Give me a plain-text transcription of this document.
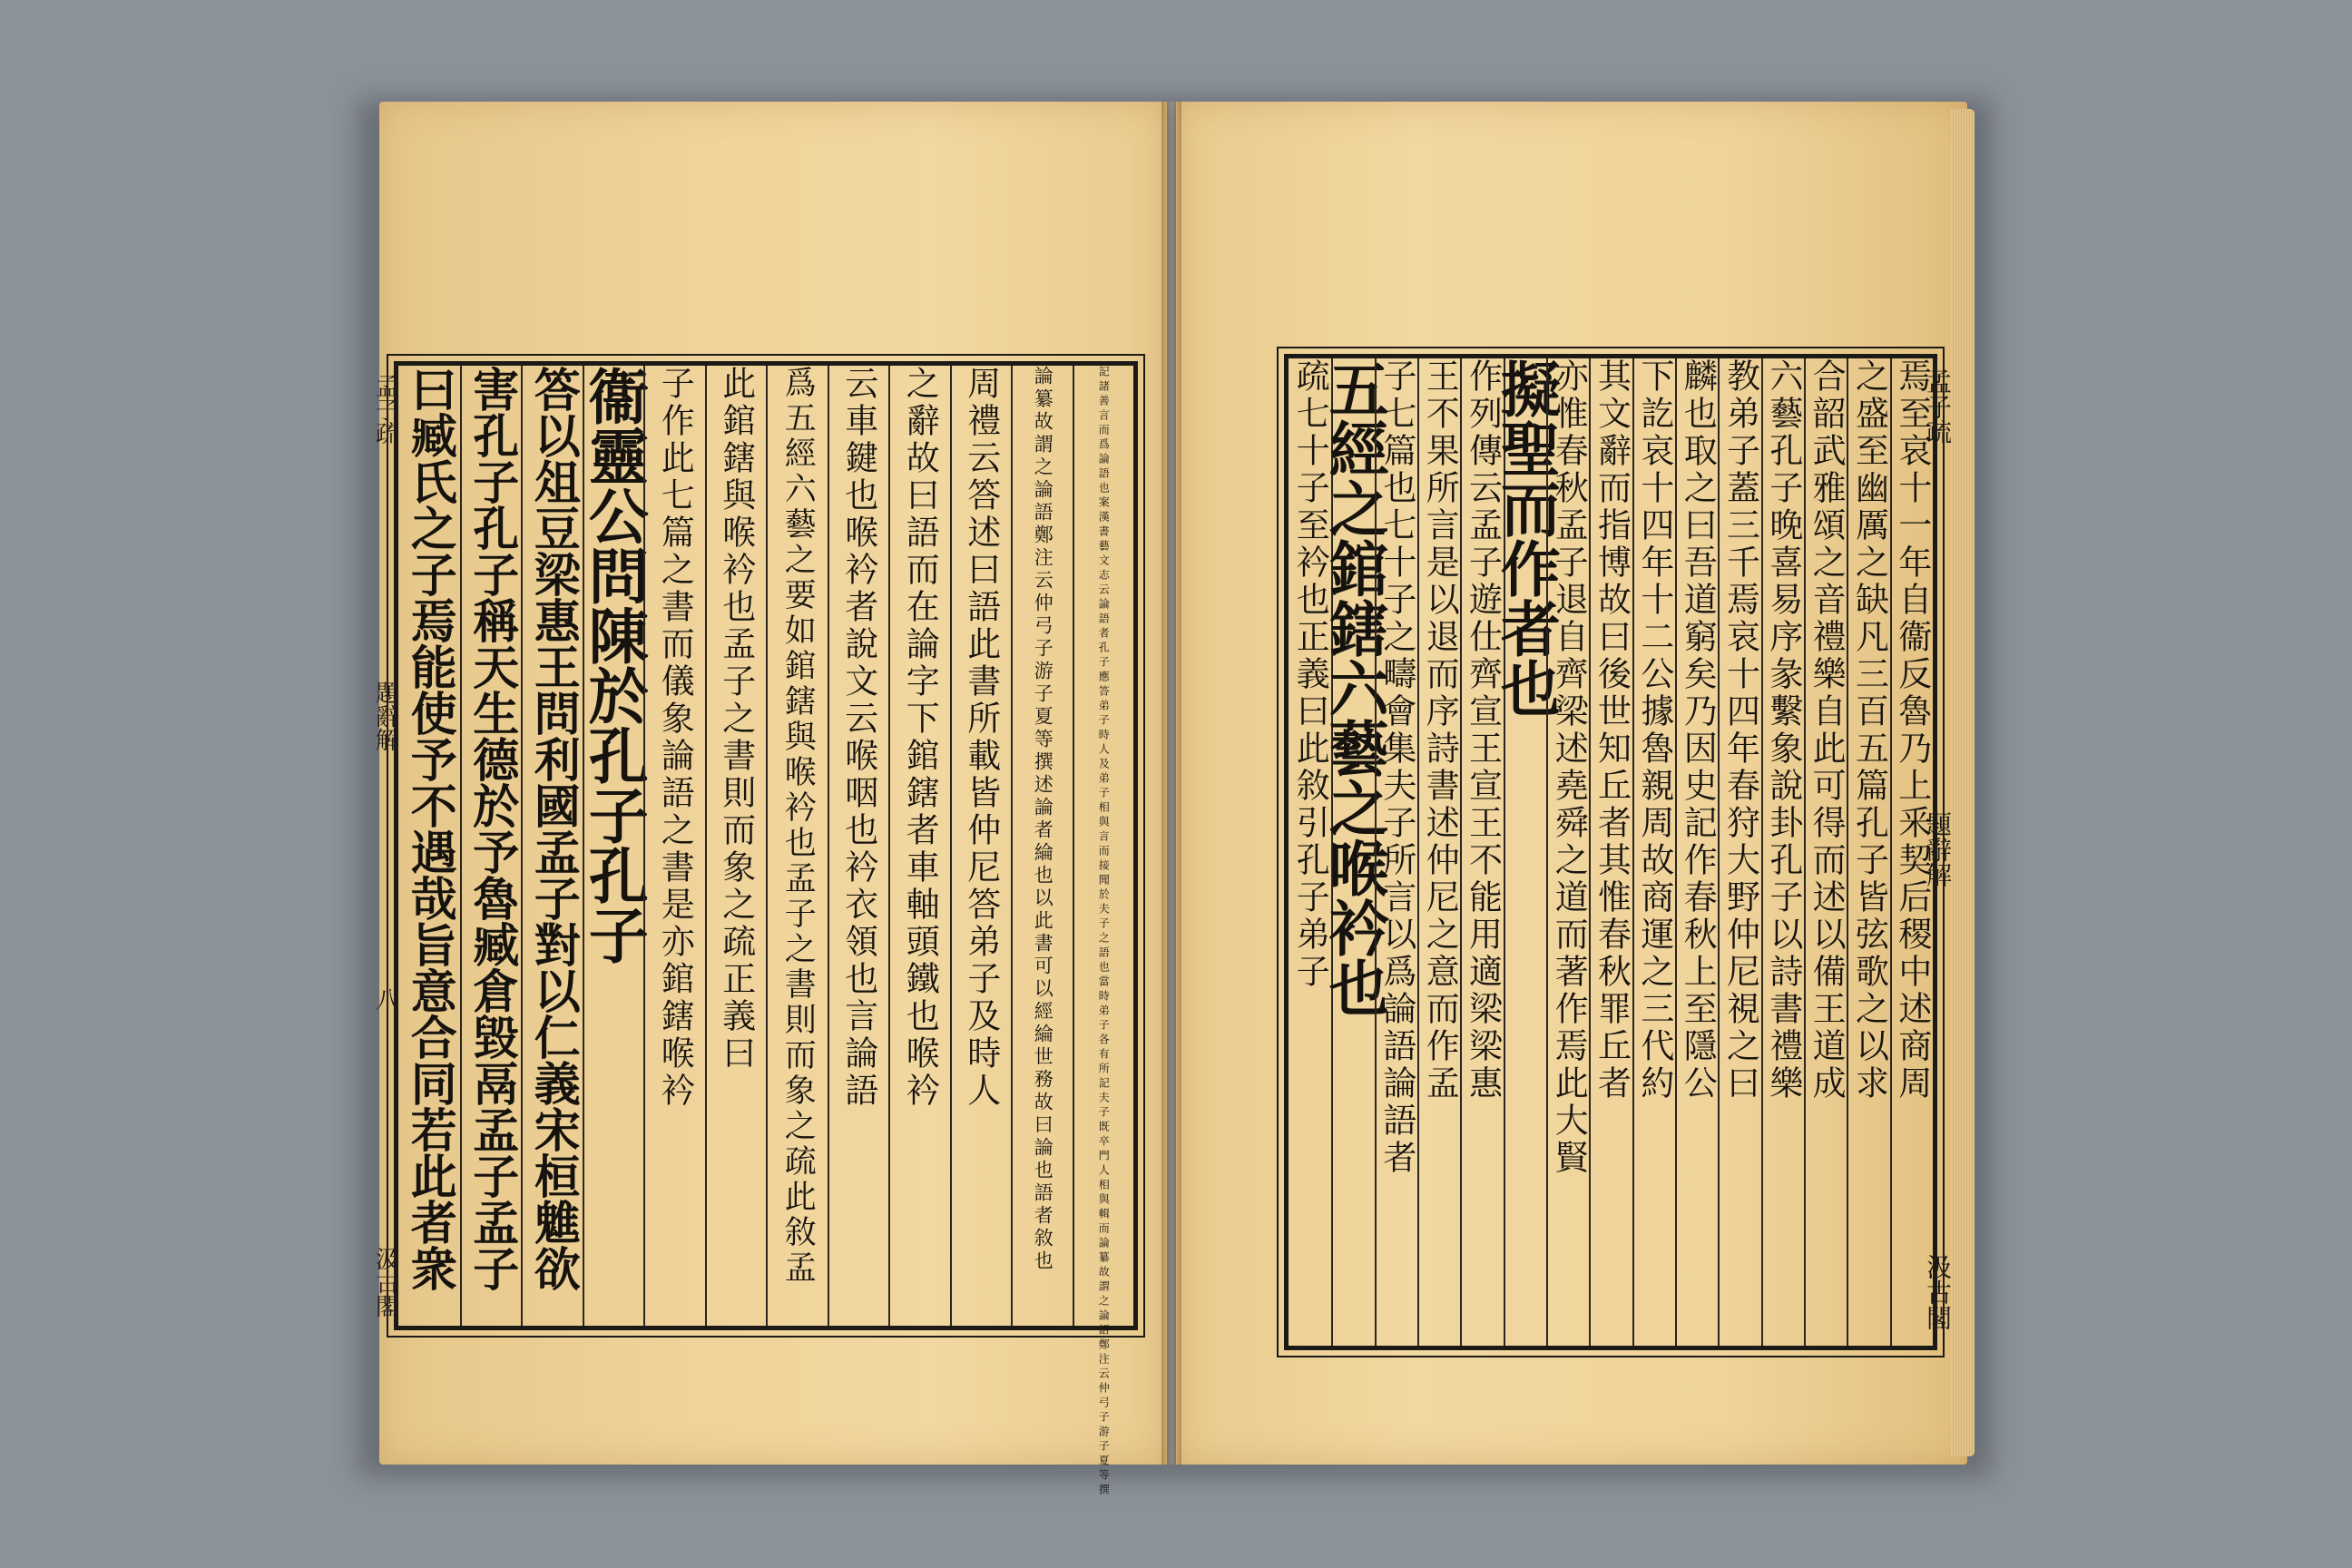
記諸善言而爲論語也案漢書藝文志云論語者孔子應答弟子時人及弟子相與言而接聞於夫子之語也當時弟子各有所記夫子既卒門人相與輯而論纂故謂之論語鄭注云仲弓子游子夏等撰
論纂故謂之論語鄭注云仲弓子游子夏等撰述論者綸也以此書可以經綸世務故曰論也語者敘也
周禮云答述曰語此書所載皆仲尼答弟子及時人
之辭故曰語而在論字下錧鎋者車軸頭鐵也喉衿
云車鍵也喉衿者說文云喉咽也衿衣領也言論語
爲五經六藝之要如錧鎋與喉衿也孟子之書則而象之疏此敘孟
此錧鎋與喉衿也孟子之書則而象之疏正義曰
子作此七篇之書而儀象論語之書是亦錧鎋喉衿
衞靈公問陳於孔子孔子
答以俎豆梁惠王問利國孟子對以仁義宋桓魋欲
害孔子孔子稱天生德於予魯臧倉毀鬲孟子孟子
曰臧氏之子焉能使予不遇哉旨意合同若此者衆
孟子疏
題辭解
八
汲古閣
焉至哀十一年自衞反魯乃上釆契后稷中述商周
之盛至幽厲之缺凡三百五篇孔子皆弦歌之以求
合韶武雅頌之音禮樂自此可得而述以備王道成
六藝孔子晚喜易序彖繫象說卦孔子以詩書禮樂
教弟子蓋三千焉哀十四年春狩大野仲尼視之曰
麟也取之曰吾道窮矣乃因史記作春秋上至隱公
下訖哀十四年十二公據魯親周故商運之三代約
其文辭而指博故曰後世知丘者其惟春秋罪丘者
亦惟春秋孟子退自齊梁述堯舜之道而著作焉此大賢
擬聖而作者也
作列傳云孟子遊仕齊宣王宣王不能用適梁梁惠
王不果所言是以退而序詩書述仲尼之意而作孟
子七篇也七十子之疇會集夫子所言以爲論語論語者
五經之錧鎋六藝之喉衿也
疏七十子至衿也正義曰此敘引孔子弟子	孟子疏
題辭解
汲古閣
